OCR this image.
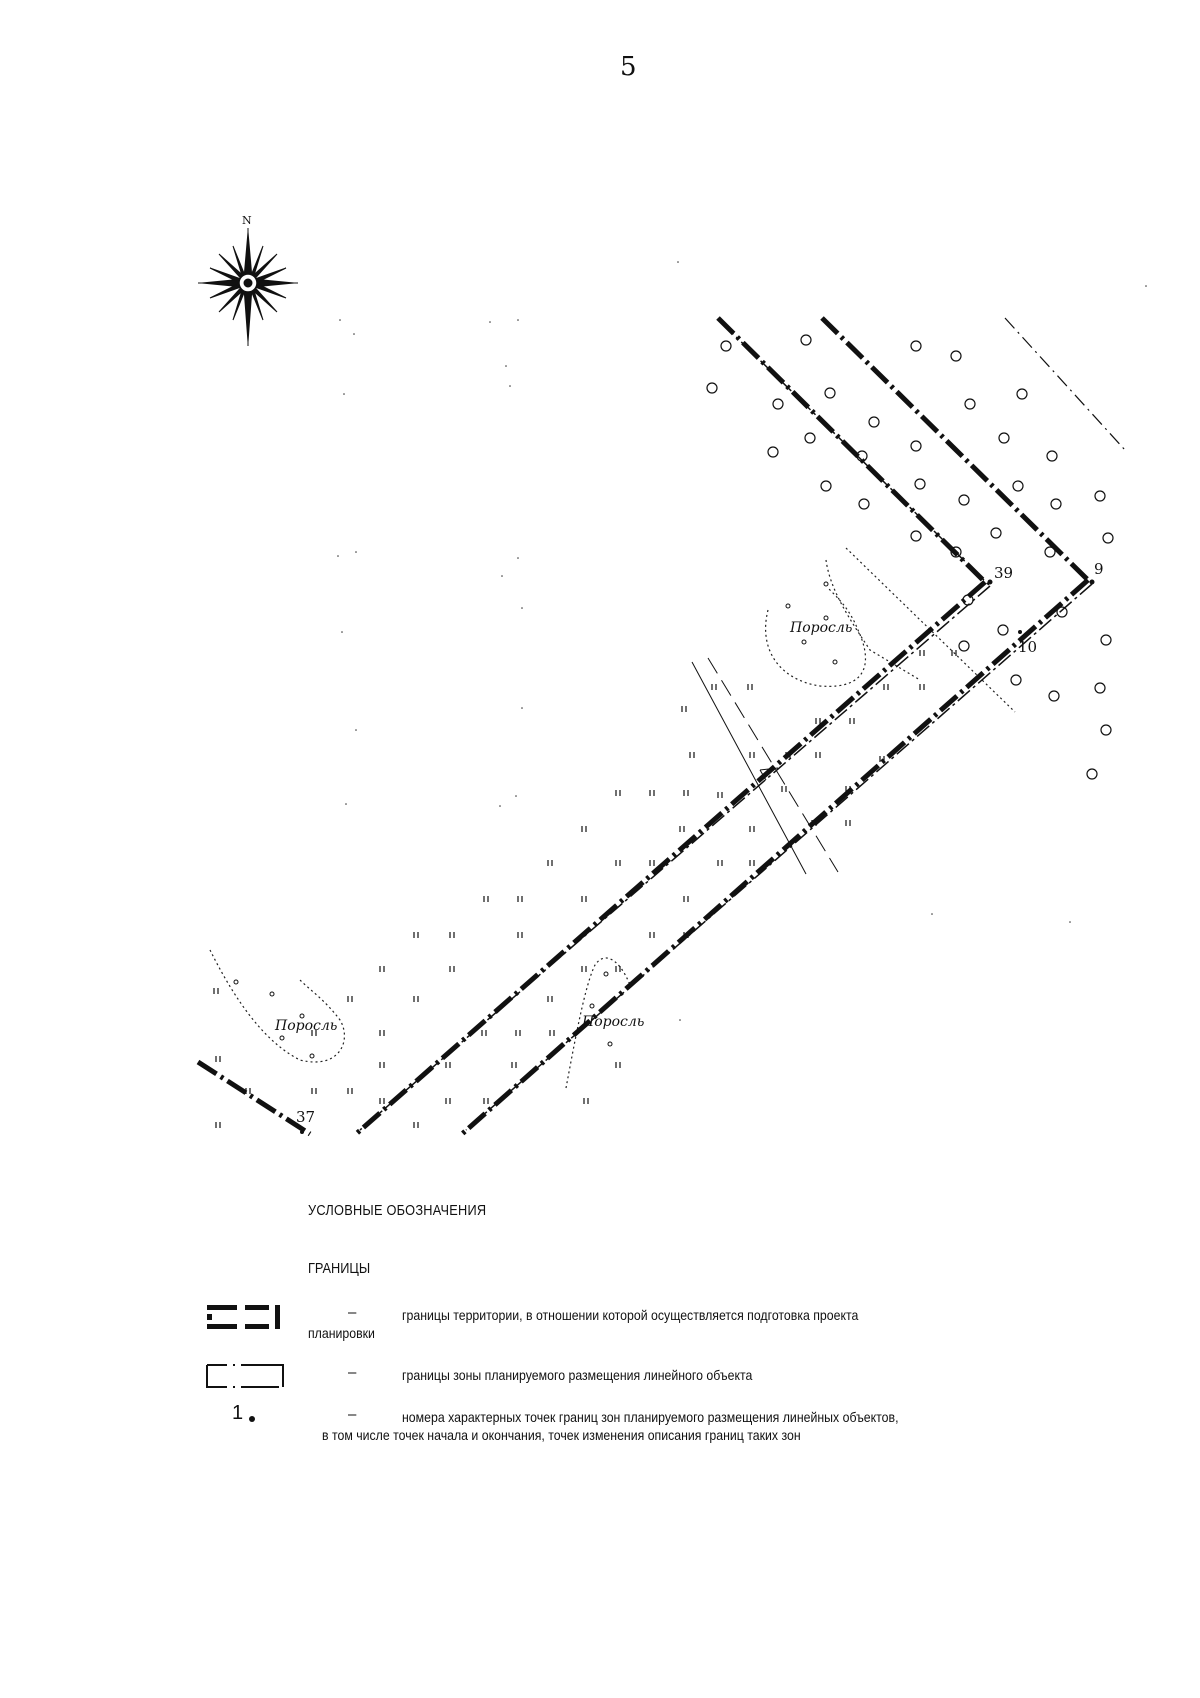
5
N
39	9
10
37
Поросль
Поросль	Поросль
УСЛОВНЫЕ ОБОЗНАЧЕНИЯ
ГРАНИЦЫ
–	границы территории, в отношении которой осуществляется подготовка проекта
планировки
–	границы зоны планируемого размещения линейного объекта
1	–	номера характерных точек границ зон планируемого размещения линейных объектов,
в том числе точек начала и окончания, точек изменения описания границ таких зон
